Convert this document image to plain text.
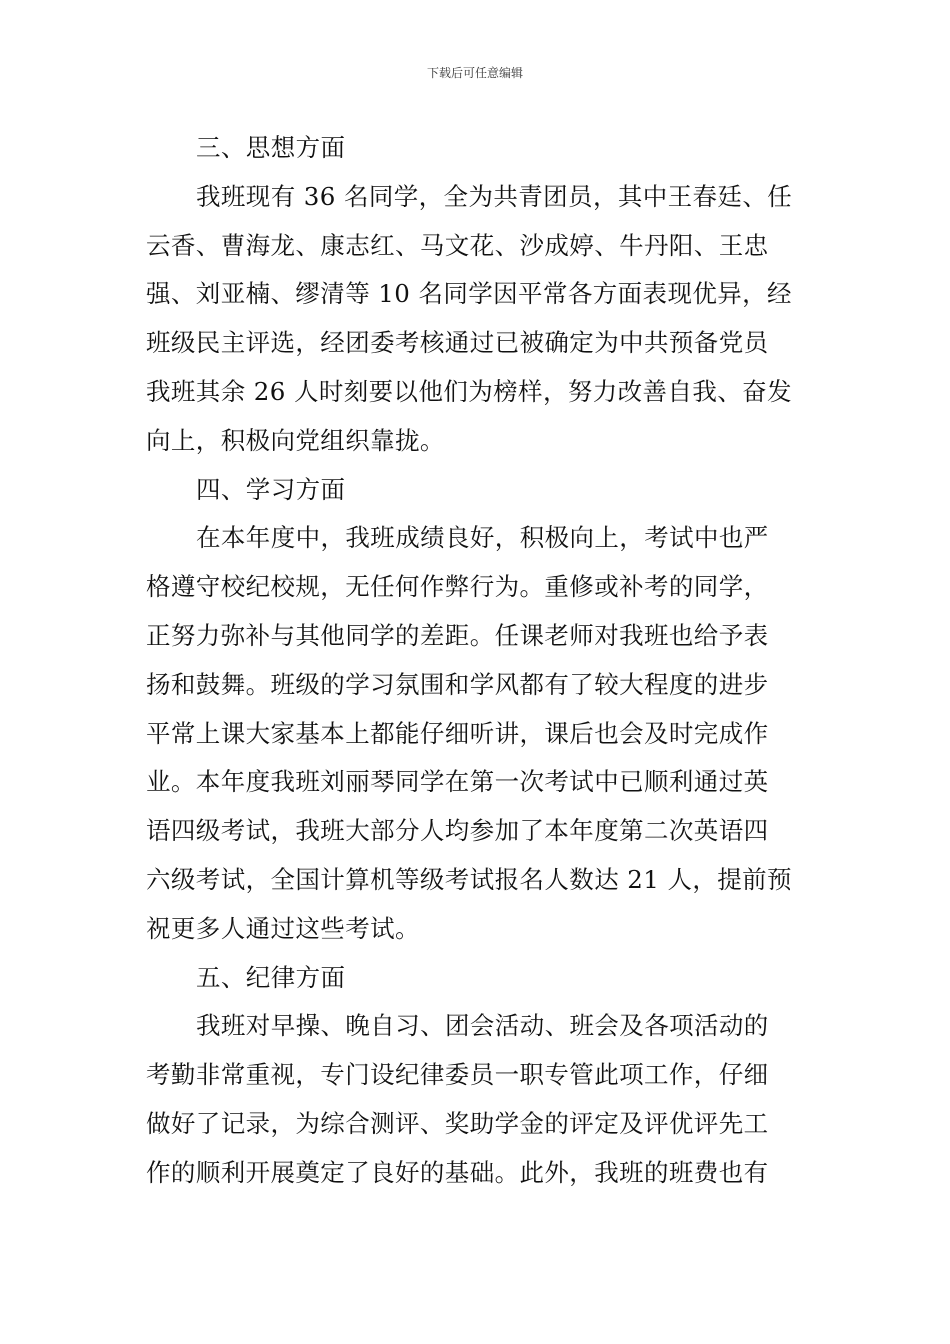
下载后可任意编辑
三、思想方面
我班现有 36 名同学，全为共青团员，其中王春廷、任
云香、曹海龙、康志红、马文花、沙成婷、牛丹阳、王忠
强、刘亚楠、缪清等 10 名同学因平常各方面表现优异，经
班级民主评选，经团委考核通过已被确定为中共预备党员
我班其余 26 人时刻要以他们为榜样，努力改善自我、奋发
向上，积极向党组织靠拢。
四、学习方面
在本年度中，我班成绩良好，积极向上，考试中也严
格遵守校纪校规，无任何作弊行为。重修或补考的同学，
正努力弥补与其他同学的差距。任课老师对我班也给予表
扬和鼓舞。班级的学习氛围和学风都有了较大程度的进步
平常上课大家基本上都能仔细听讲，课后也会及时完成作
业。本年度我班刘丽琴同学在第一次考试中已顺利通过英
语四级考试，我班大部分人均参加了本年度第二次英语四
六级考试，全国计算机等级考试报名人数达 21 人，提前预
祝更多人通过这些考试。
五、纪律方面
我班对早操、晚自习、团会活动、班会及各项活动的
考勤非常重视，专门设纪律委员一职专管此项工作，仔细
做好了记录，为综合测评、奖助学金的评定及评优评先工
作的顺利开展奠定了良好的基础。此外，我班的班费也有
